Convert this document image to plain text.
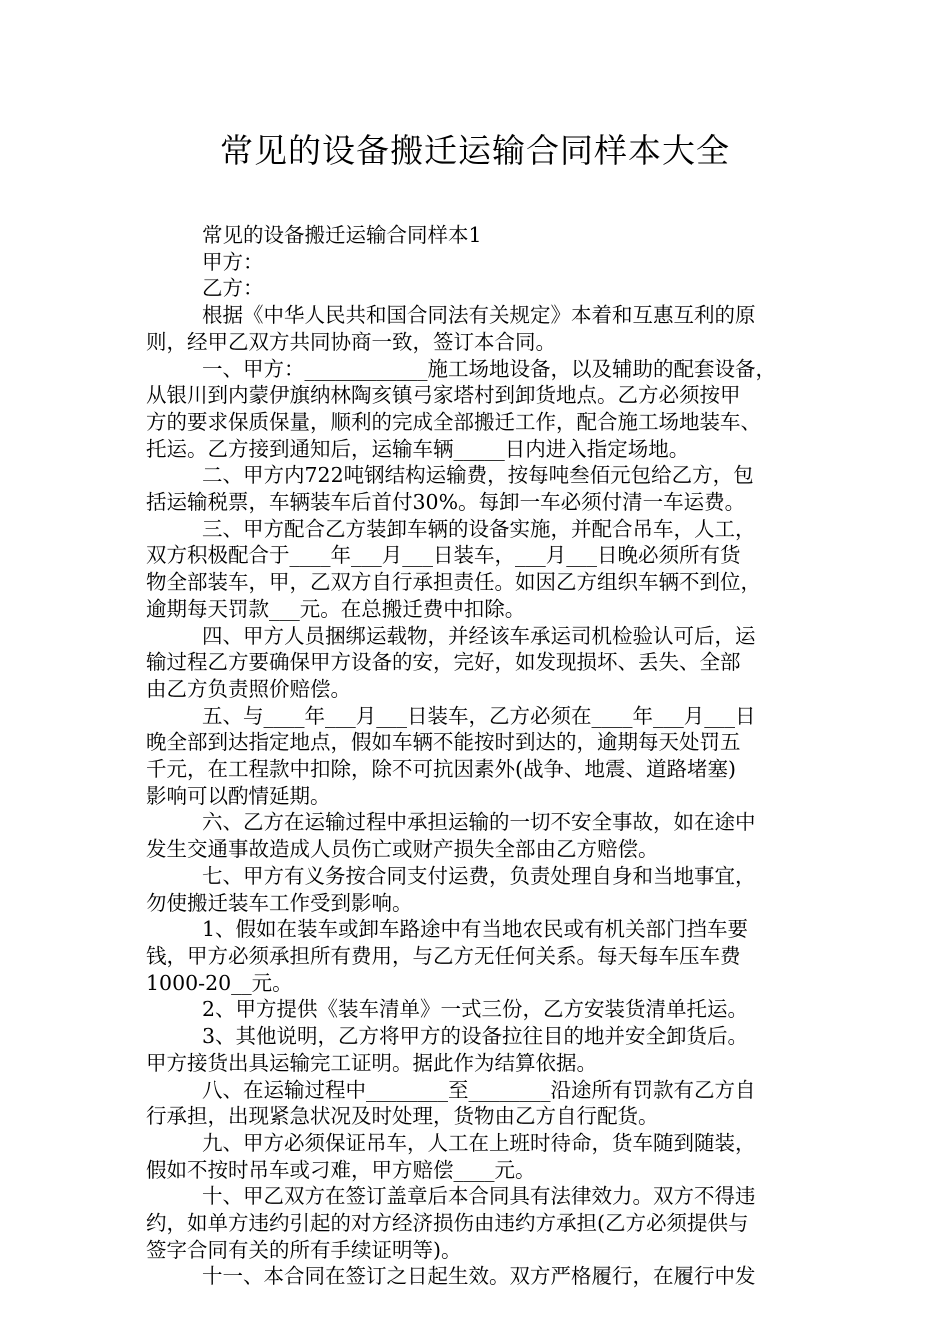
常见的设备搬迁运输合同样本大全

常见的设备搬迁运输合同样本1

甲方：

乙方：

根据《中华人民共和国合同法有关规定》本着和互惠互利的原

则，经甲乙双方共同协商一致，签订本合同。

一、甲方：____________施工场地设备，以及辅助的配套设备，

从银川到内蒙伊旗纳林陶亥镇弓家塔村到卸货地点。乙方必须按甲

方的要求保质保量，顺利的完成全部搬迁工作，配合施工场地装车、

托运。乙方接到通知后，运输车辆_____日内进入指定场地。

二、甲方内722吨钢结构运输费，按每吨叁佰元包给乙方，包

括运输税票，车辆装车后首付30%。每卸一车必须付清一车运费。

三、甲方配合乙方装卸车辆的设备实施，并配合吊车，人工，

双方积极配合于____年___月___日装车，___月___日晚必须所有货

物全部装车，甲，乙双方自行承担责任。如因乙方组织车辆不到位，

逾期每天罚款___元。在总搬迁费中扣除。

四、甲方人员捆绑运载物，并经该车承运司机检验认可后，运

输过程乙方要确保甲方设备的安，完好，如发现损坏、丢失、全部

由乙方负责照价赔偿。

五、与____年___月___日装车，乙方必须在____年___月___日

晚全部到达指定地点，假如车辆不能按时到达的，逾期每天处罚五

千元，在工程款中扣除，除不可抗因素外(战争、地震、道路堵塞)

影响可以酌情延期。

六、乙方在运输过程中承担运输的一切不安全事故，如在途中

发生交通事故造成人员伤亡或财产损失全部由乙方赔偿。

七、甲方有义务按合同支付运费，负责处理自身和当地事宜，

勿使搬迁装车工作受到影响。

1、假如在装车或卸车路途中有当地农民或有机关部门挡车要

钱，甲方必须承担所有费用，与乙方无任何关系。每天每车压车费

1000-20__元。

2、甲方提供《装车清单》一式三份，乙方安装货清单托运。

3、其他说明，乙方将甲方的设备拉往目的地并安全卸货后。

甲方接货出具运输完工证明。据此作为结算依据。

八、在运输过程中________至________沿途所有罚款有乙方自

行承担，出现紧急状况及时处理，货物由乙方自行配货。

九、甲方必须保证吊车，人工在上班时待命，货车随到随装，

假如不按时吊车或刁难，甲方赔偿____元。

十、甲乙双方在签订盖章后本合同具有法律效力。双方不得违

约，如单方违约引起的对方经济损伤由违约方承担(乙方必须提供与

签字合同有关的所有手续证明等)。

十一、本合同在签订之日起生效。双方严格履行，在履行中发
